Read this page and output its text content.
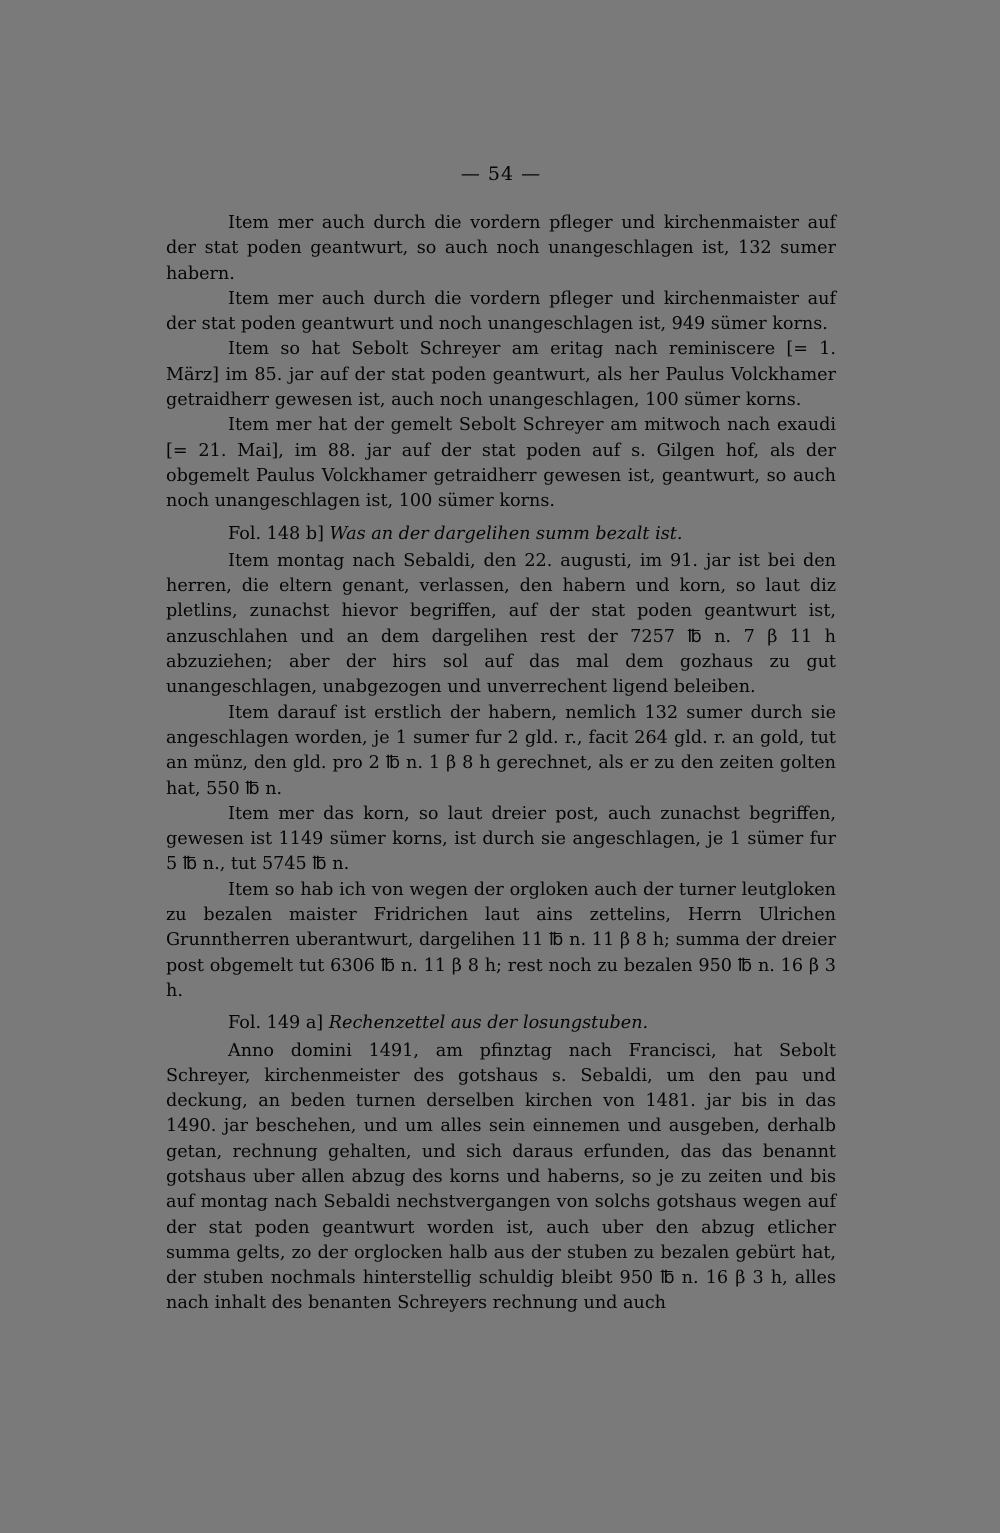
— 54 —

Item mer auch durch die vordern pfleger und kirchenmaister auf der stat poden geantwurt, so auch noch unangeschlagen ist, 132 sumer habern.

Item mer auch durch die vordern pfleger und kirchenmaister auf der stat poden geantwurt und noch unangeschlagen ist, 949 sümer korns.

Item so hat Sebolt Schreyer am eritag nach reminiscere [= 1. März] im 85. jar auf der stat poden geantwurt, als her Paulus Volckhamer getraidherr gewesen ist, auch noch unangeschlagen, 100 sümer korns.

Item mer hat der gemelt Sebolt Schreyer am mitwoch nach exaudi [= 21. Mai], im 88. jar auf der stat poden auf s. Gilgen hof, als der obgemelt Paulus Volckhamer getraidherr gewesen ist, geantwurt, so auch noch unangeschlagen ist, 100 sümer korns.

Fol. 148 b] Was an der dargelihen summ bezalt ist.

Item montag nach Sebaldi, den 22. augusti, im 91. jar ist bei den herren, die eltern genant, verlassen, den habern und korn, so laut diz pletlins, zunachst hievor begriffen, auf der stat poden geantwurt ist, anzuschlahen und an dem dargelihen rest der 7257 ℔ n. 7 β 11 h abzuziehen; aber der hirs sol auf das mal dem gozhaus zu gut unangeschlagen, unabgezogen und unverrechent ligend beleiben.

Item darauf ist erstlich der habern, nemlich 132 sumer durch sie angeschlagen worden, je 1 sumer fur 2 gld. r., facit 264 gld. r. an gold, tut an münz, den gld. pro 2 ℔ n. 1 β 8 h gerechnet, als er zu den zeiten golten hat, 550 ℔ n.

Item mer das korn, so laut dreier post, auch zunachst begriffen, gewesen ist 1149 sümer korns, ist durch sie angeschlagen, je 1 sümer fur 5 ℔ n., tut 5745 ℔ n.

Item so hab ich von wegen der orgloken auch der turner leutgloken zu bezalen maister Fridrichen laut ains zettelins, Herrn Ulrichen Grunntherren uberantwurt, dargelihen 11 ℔ n. 11 β 8 h; summa der dreier post obgemelt tut 6306 ℔ n. 11 β 8 h; rest noch zu bezalen 950 ℔ n. 16 β 3 h.

Fol. 149 a] Rechenzettel aus der losungstuben.

Anno domini 1491, am pfinztag nach Francisci, hat Sebolt Schreyer, kirchenmeister des gotshaus s. Sebaldi, um den pau und deckung, an beden turnen derselben kirchen von 1481. jar bis in das 1490. jar beschehen, und um alles sein einnemen und ausgeben, derhalb getan, rechnung gehalten, und sich daraus erfunden, das das benannt gotshaus uber allen abzug des korns und haberns, so je zu zeiten und bis auf montag nach Sebaldi nechstvergangen von solchs gotshaus wegen auf der stat poden geantwurt worden ist, auch uber den abzug etlicher summa gelts, zo der orglocken halb aus der stuben zu bezalen gebürt hat, der stuben nochmals hinterstellig schuldig bleibt 950 ℔ n. 16 β 3 h, alles nach inhalt des benanten Schreyers rechnung und auch
